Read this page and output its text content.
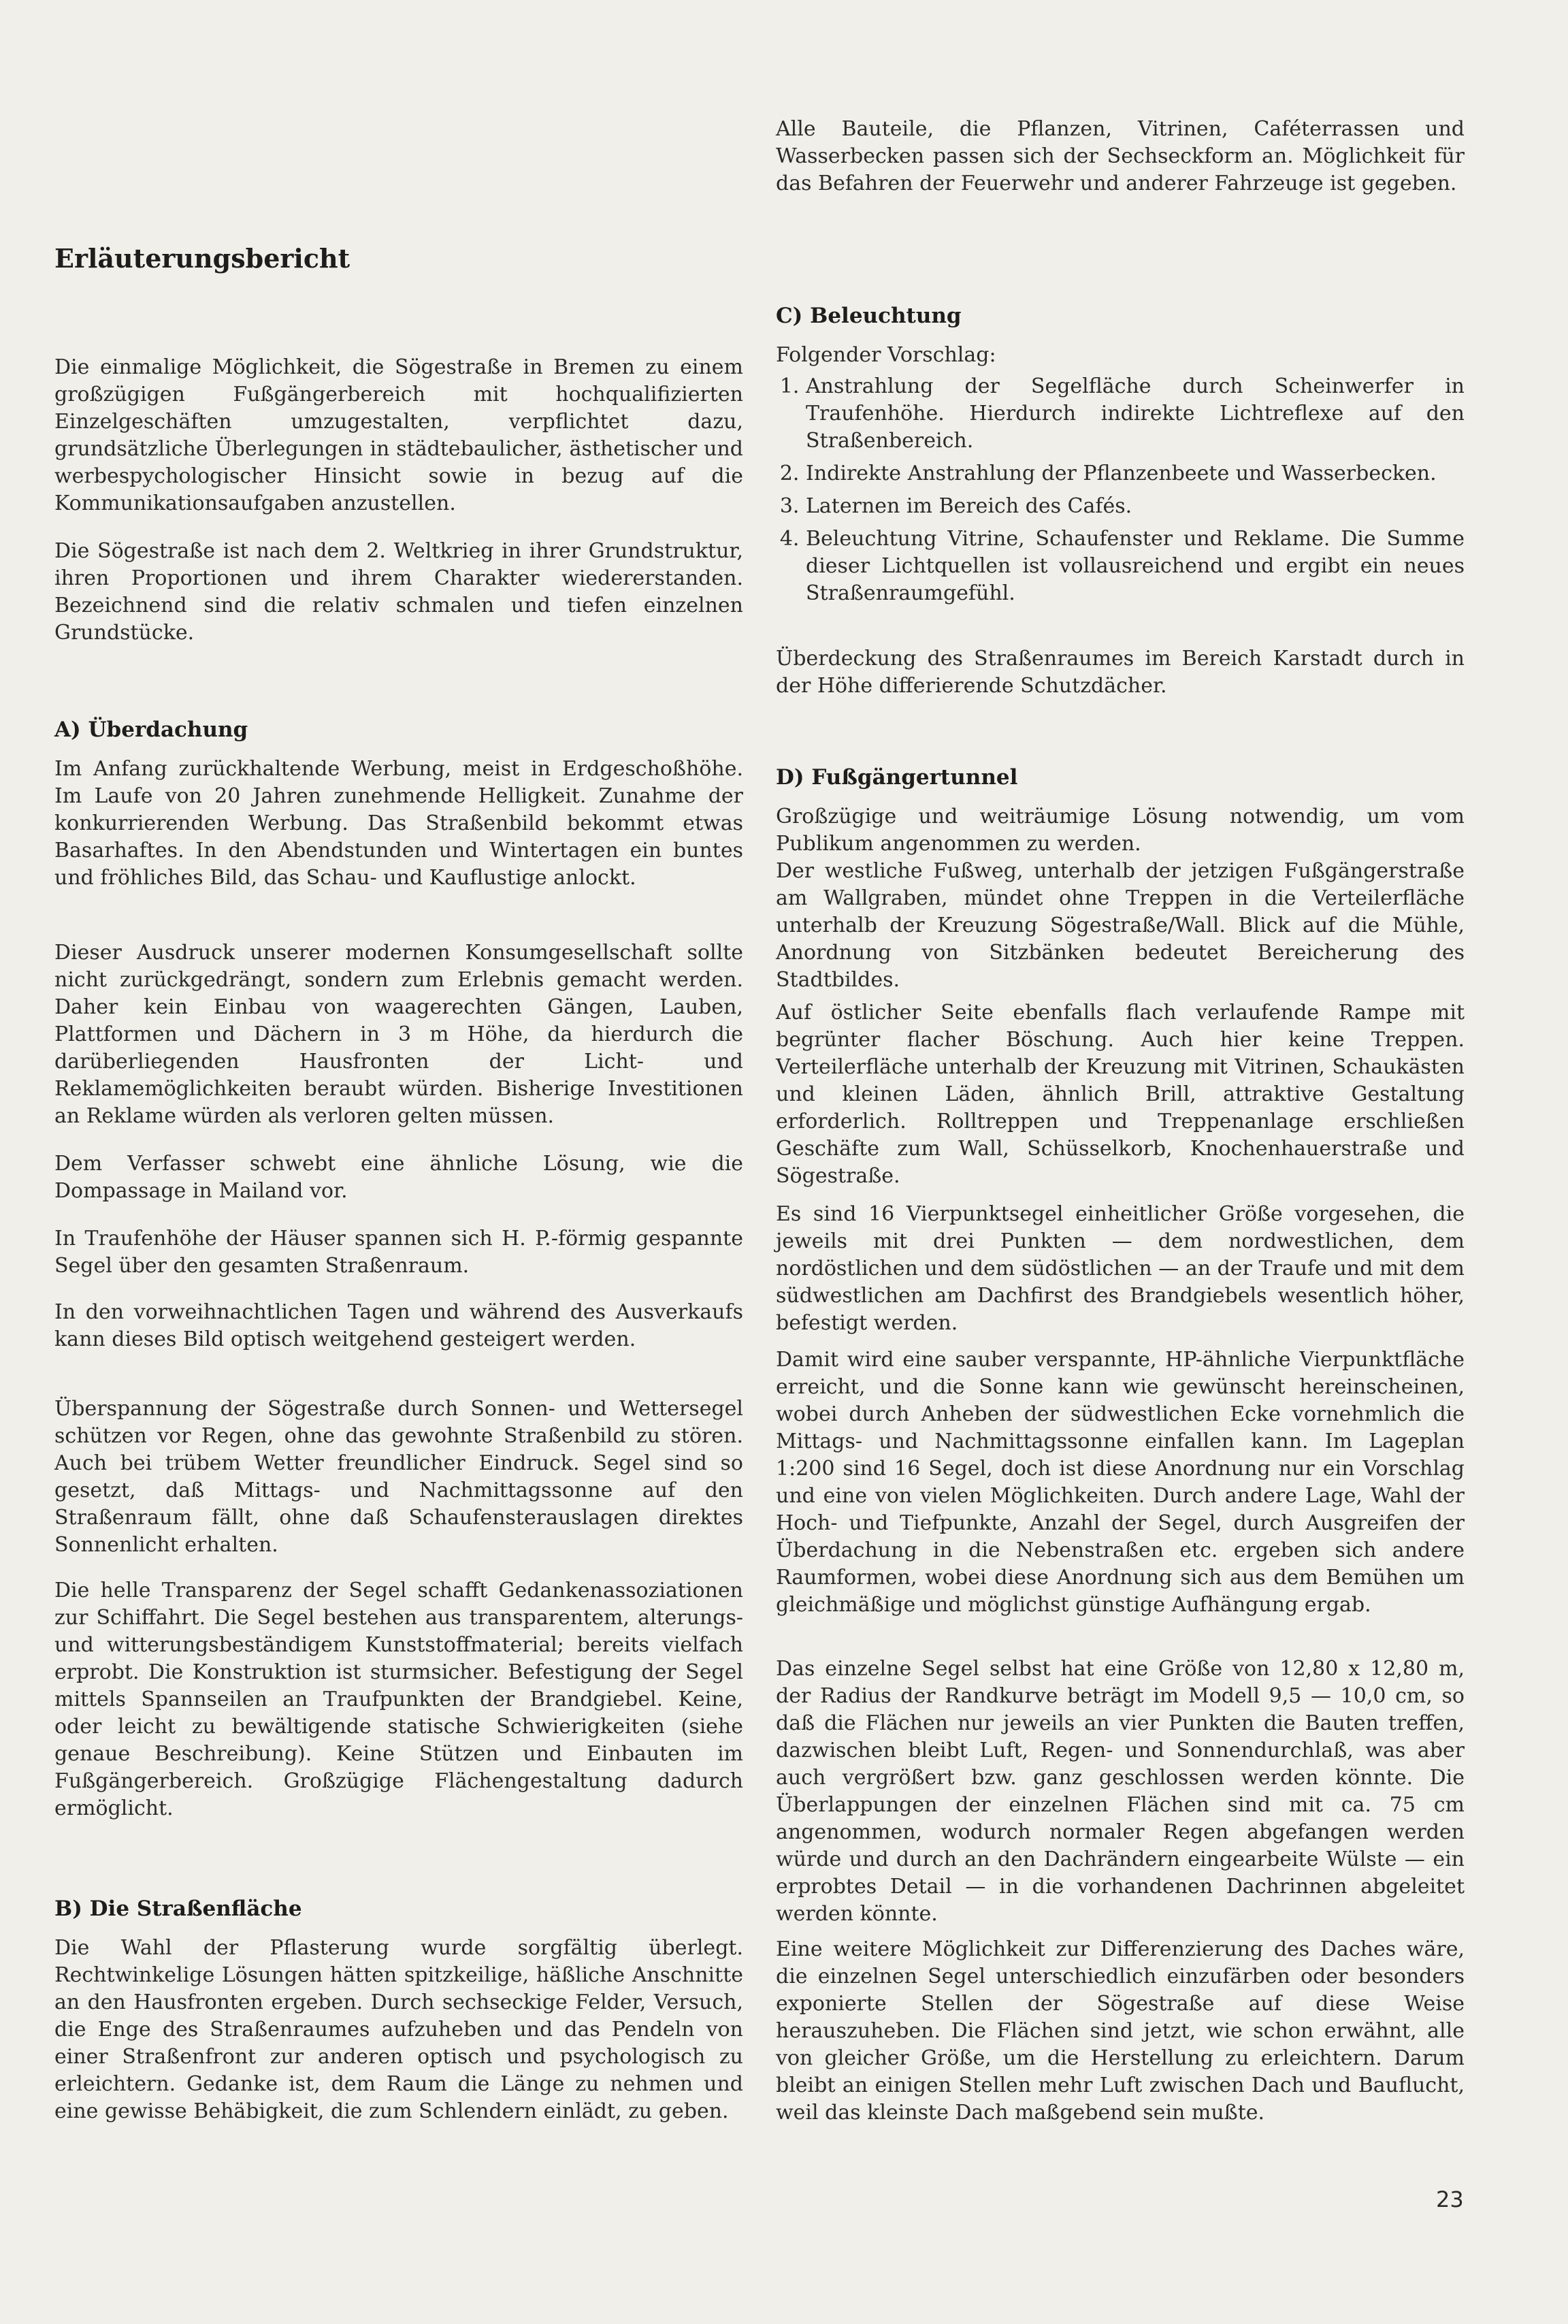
Erläuterungsbericht

Die einmalige Möglichkeit, die Sögestraße in Bremen zu einem großzügigen Fußgängerbereich mit hochqualifizierten Einzelgeschäften umzugestalten, verpflichtet dazu, grundsätzliche Überlegungen in städtebaulicher, ästhetischer und werbespychologischer Hinsicht sowie in bezug auf die Kommunikationsaufgaben anzustellen.

Die Sögestraße ist nach dem 2. Weltkrieg in ihrer Grundstruktur, ihren Proportionen und ihrem Charakter wiedererstanden. Bezeichnend sind die relativ schmalen und tiefen einzelnen Grundstücke.

A) Überdachung

Im Anfang zurückhaltende Werbung, meist in Erdgeschoßhöhe. Im Laufe von 20 Jahren zunehmende Helligkeit. Zunahme der konkurrierenden Werbung. Das Straßenbild bekommt etwas Basarhaftes. In den Abendstunden und Wintertagen ein buntes und fröhliches Bild, das Schau- und Kauflustige anlockt.

Dieser Ausdruck unserer modernen Konsumgesellschaft sollte nicht zurückgedrängt, sondern zum Erlebnis gemacht werden. Daher kein Einbau von waagerechten Gängen, Lauben, Plattformen und Dächern in 3 m Höhe, da hierdurch die darüberliegenden Hausfronten der Licht- und Reklamemöglichkeiten beraubt würden. Bisherige Investitionen an Reklame würden als verloren gelten müssen.

Dem Verfasser schwebt eine ähnliche Lösung, wie die Dompassage in Mailand vor.

In Traufenhöhe der Häuser spannen sich H. P.-förmig gespannte Segel über den gesamten Straßenraum.

In den vorweihnachtlichen Tagen und während des Ausverkaufs kann dieses Bild optisch weitgehend gesteigert werden.

Überspannung der Sögestraße durch Sonnen- und Wettersegel schützen vor Regen, ohne das gewohnte Straßenbild zu stören. Auch bei trübem Wetter freundlicher Eindruck. Segel sind so gesetzt, daß Mittags- und Nachmittagssonne auf den Straßenraum fällt, ohne daß Schaufensterauslagen direktes Sonnenlicht erhalten.

Die helle Transparenz der Segel schafft Gedankenassoziationen zur Schiffahrt. Die Segel bestehen aus transparentem, alterungs- und witterungsbeständigem Kunststoffmaterial; bereits vielfach erprobt. Die Konstruktion ist sturmsicher. Befestigung der Segel mittels Spannseilen an Traufpunkten der Brandgiebel. Keine, oder leicht zu bewältigende statische Schwierigkeiten (siehe genaue Beschreibung). Keine Stützen und Einbauten im Fußgängerbereich. Großzügige Flächengestaltung dadurch ermöglicht.

B) Die Straßenfläche

Die Wahl der Pflasterung wurde sorgfältig überlegt. Rechtwinkelige Lösungen hätten spitzkeilige, häßliche Anschnitte an den Hausfronten ergeben. Durch sechseckige Felder, Versuch, die Enge des Straßenraumes aufzuheben und das Pendeln von einer Straßenfront zur anderen optisch und psychologisch zu erleichtern. Gedanke ist, dem Raum die Länge zu nehmen und eine gewisse Behäbigkeit, die zum Schlendern einlädt, zu geben.

Alle Bauteile, die Pflanzen, Vitrinen, Caféterrassen und Wasserbecken passen sich der Sechseckform an. Möglichkeit für das Befahren der Feuerwehr und anderer Fahrzeuge ist gegeben.

C) Beleuchtung

Folgender Vorschlag:

1. Anstrahlung der Segelfläche durch Scheinwerfer in Traufenhöhe. Hierdurch indirekte Lichtreflexe auf den Straßenbereich.
2. Indirekte Anstrahlung der Pflanzenbeete und Wasserbecken.
3. Laternen im Bereich des Cafés.
4. Beleuchtung Vitrine, Schaufenster und Reklame. Die Summe dieser Lichtquellen ist vollausreichend und ergibt ein neues Straßenraumgefühl.

Überdeckung des Straßenraumes im Bereich Karstadt durch in der Höhe differierende Schutzdächer.

D) Fußgängertunnel

Großzügige und weiträumige Lösung notwendig, um vom Publikum angenommen zu werden.

Der westliche Fußweg, unterhalb der jetzigen Fußgängerstraße am Wallgraben, mündet ohne Treppen in die Verteilerfläche unterhalb der Kreuzung Sögestraße/Wall. Blick auf die Mühle, Anordnung von Sitzbänken bedeutet Bereicherung des Stadtbildes.

Auf östlicher Seite ebenfalls flach verlaufende Rampe mit begrünter flacher Böschung. Auch hier keine Treppen. Verteilerfläche unterhalb der Kreuzung mit Vitrinen, Schaukästen und kleinen Läden, ähnlich Brill, attraktive Gestaltung erforderlich. Rolltreppen und Treppenanlage erschließen Geschäfte zum Wall, Schüsselkorb, Knochenhauerstraße und Sögestraße.

Es sind 16 Vierpunktsegel einheitlicher Größe vorgesehen, die jeweils mit drei Punkten — dem nordwestlichen, dem nordöstlichen und dem südöstlichen — an der Traufe und mit dem südwestlichen am Dachfirst des Brandgiebels wesentlich höher, befestigt werden.

Damit wird eine sauber verspannte, HP-ähnliche Vierpunktfläche erreicht, und die Sonne kann wie gewünscht hereinscheinen, wobei durch Anheben der südwestlichen Ecke vornehmlich die Mittags- und Nachmittagssonne einfallen kann. Im Lageplan 1:200 sind 16 Segel, doch ist diese Anordnung nur ein Vorschlag und eine von vielen Möglichkeiten. Durch andere Lage, Wahl der Hoch- und Tiefpunkte, Anzahl der Segel, durch Ausgreifen der Überdachung in die Nebenstraßen etc. ergeben sich andere Raumformen, wobei diese Anordnung sich aus dem Bemühen um gleichmäßige und möglichst günstige Aufhängung ergab.

Das einzelne Segel selbst hat eine Größe von 12,80 x 12,80 m, der Radius der Randkurve beträgt im Modell 9,5 — 10,0 cm, so daß die Flächen nur jeweils an vier Punkten die Bauten treffen, dazwischen bleibt Luft, Regen- und Sonnendurchlaß, was aber auch vergrößert bzw. ganz geschlossen werden könnte. Die Überlappungen der einzelnen Flächen sind mit ca. 75 cm angenommen, wodurch normaler Regen abgefangen werden würde und durch an den Dachrändern eingearbeite Wülste — ein erprobtes Detail — in die vorhandenen Dachrinnen abgeleitet werden könnte.

Eine weitere Möglichkeit zur Differenzierung des Daches wäre, die einzelnen Segel unterschiedlich einzufärben oder besonders exponierte Stellen der Sögestraße auf diese Weise herauszuheben. Die Flächen sind jetzt, wie schon erwähnt, alle von gleicher Größe, um die Herstellung zu erleichtern. Darum bleibt an einigen Stellen mehr Luft zwischen Dach und Bauflucht, weil das kleinste Dach maßgebend sein mußte.

23
